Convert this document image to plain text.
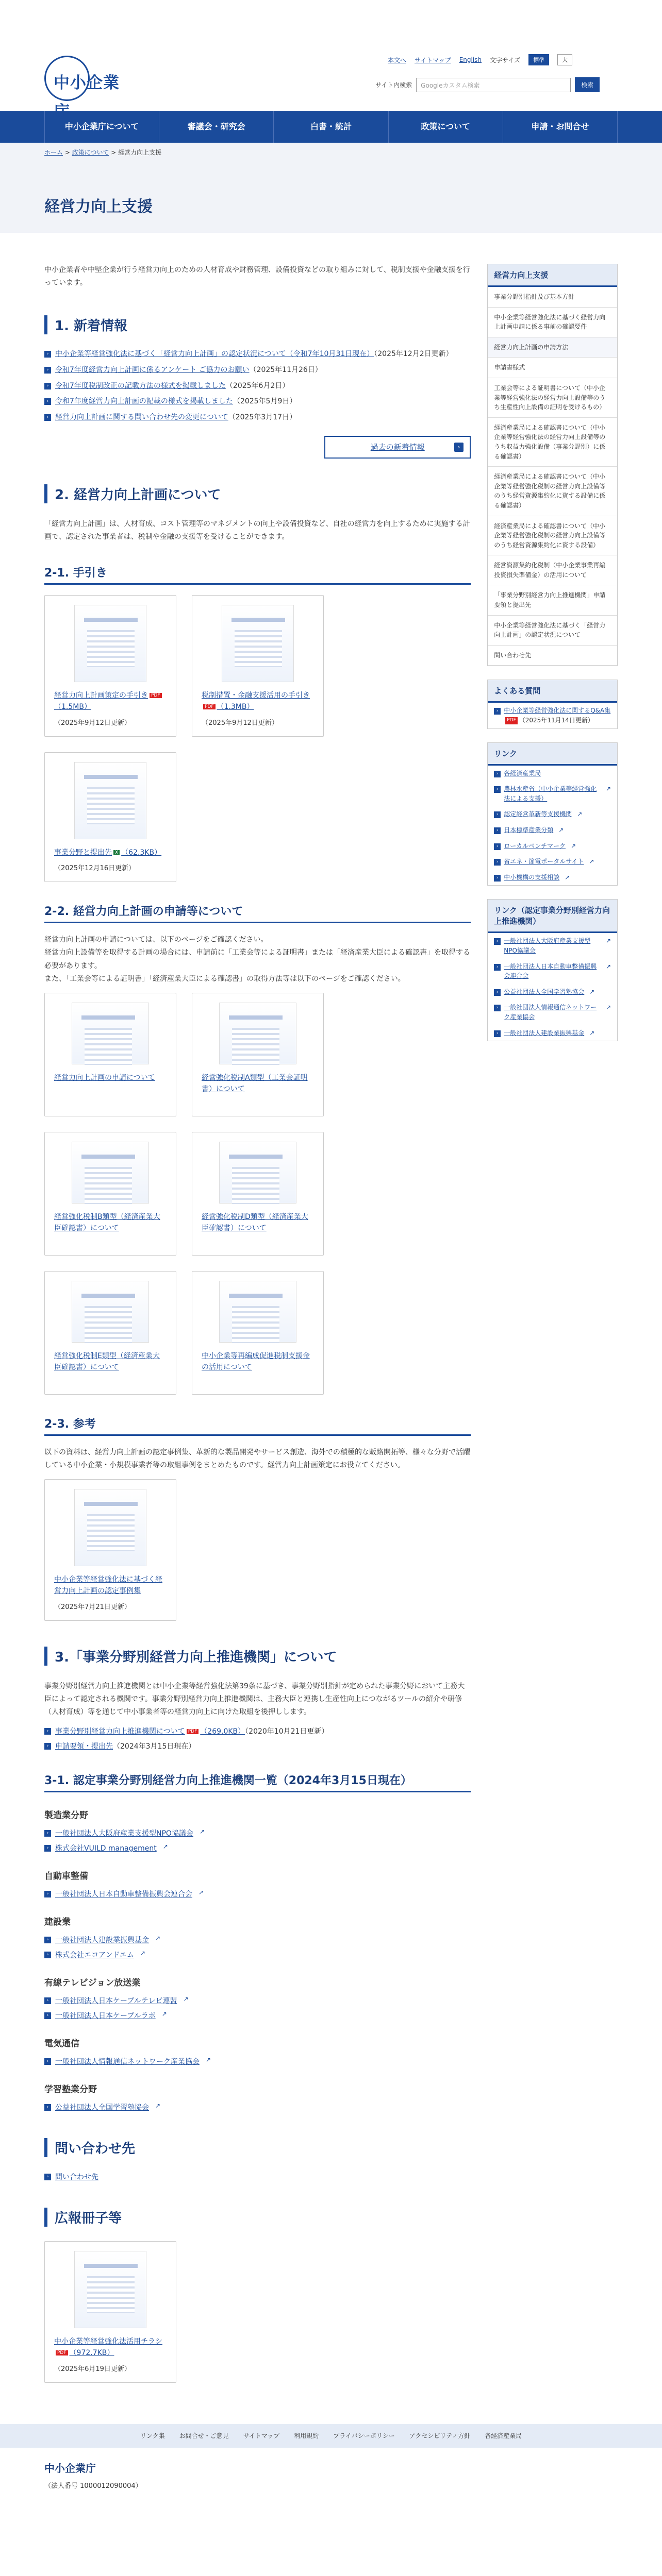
中小企業庁
本文へ サイトマップ English 文字サイズ	標準	大
サイト内検索	Googleカスタム検索	検索
中小企業庁について	審議会・研究会	白書・統計	政策について	申請・お問合せ
ホーム > 政策について > 経営力向上支援
経営力向上支援

中小企業者や中堅企業が行う経営力向上のための人材育成や財務管理、設備投資などの取り組みに対して、税制支援や金融支援を行っています。

1. 新着情報
› 中小企業等経営強化法に基づく「経営力向上計画」の認定状況について（令和7年10月31日現在）（2025年12月2日更新）
› 令和7年度経営力向上計画に係るアンケート ご協力のお願い（2025年11月26日）
› 令和7年度税制改正の記載方法の様式を掲載しました（2025年6月2日）
› 令和7年度経営力向上計画の記載の様式を掲載しました（2025年5月9日）
› 経営力向上計画に関する問い合わせ先の変更について（2025年3月17日）
過去の新着情報	›
2. 経営力向上計画について

「経営力向上計画」は、人材育成、コスト管理等のマネジメントの向上や設備投資など、自社の経営力を向上するために実施する計画で、認定された事業者は、税制や金融の支援等を受けることができます。

2-1. 手引き
経営力向上計画策定の手引き PDF（1.5MB）
（2025年9月12日更新）
税制措置・金融支援活用の手引きPDF （1.3MB）
（2025年9月12日更新）
事業分野と提出先 X （62.3KB）
（2025年12月16日更新）
2-2. 経営力向上計画の申請等について

経営力向上計画の申請については、以下のページをご確認ください。
経営力向上設備等を取得する計画の場合には、申請前に「工業会等による証明書」または「経済産業大臣による確認書」を取得する必要があります。
また、「工業会等による証明書」「経済産業大臣による確認書」の取得方法等は以下のページをご確認ください。

経営力向上計画の申請について	経営強化税制A類型（工業会証明書）について
経営強化税制B類型（経済産業大臣確認書）について
経営強化税制D類型（経済産業大臣確認書）について
経営強化税制E類型（経済産業大臣確認書）について
中小企業等再編成促進税制支援金の活用について
2-3. 参考

以下の資料は、経営力向上計画の認定事例集、革新的な製品開発やサービス創造、海外での積極的な販路開拓等、様々な分野で活躍している中小企業・小規模事業者等の取組事例をまとめたものです。経営力向上計画策定にお役立てください。

中小企業等経営強化法に基づく経営力向上計画の認定事例集
（2025年7月21日更新）
3.「事業分野別経営力向上推進機関」について

事業分野別経営力向上推進機関とは中小企業等経営強化法第39条に基づき、事業分野別指針が定められた事業分野において主務大臣によって認定される機関です。事業分野別経営力向上推進機関は、主務大臣と連携し生産性向上につながるツールの紹介や研修（人材育成）等を通じて中小事業者等の経営力向上に向けた取組を後押しします。

› 事業分野別経営力向上推進機関について PDF （269.0KB）（2020年10月21日更新）
› 申請要領・提出先（2024年3月15日現在）
3-1. 認定事業分野別経営力向上推進機関一覧（2024年3月15日現在）
製造業分野
› 一般社団法人大阪府産業支援型NPO協議会 ↗
› 株式会社VUILD management ↗
自動車整備
› 一般社団法人日本自動車整備振興会連合会 ↗
建設業
› 一般社団法人建設業振興基金 ↗
› 株式会社エコアンドエム ↗
有線テレビジョン放送業
› 一般社団法人日本ケーブルテレビ連盟 ↗
› 一般社団法人日本ケーブルラボ ↗
電気通信
› 一般社団法人情報通信ネットワーク産業協会 ↗
学習塾業分野
› 公益社団法人全国学習塾協会 ↗
問い合わせ先
› 問い合わせ先
広報冊子等
中小企業等経営強化法活用チラシPDF （972.7KB）
（2025年6月19日更新）
経営力向上支援
事業分野別指針及び基本方針
中小企業等経営強化法に基づく経営力向上計画申請に係る事前の確認要件
経営力向上計画の申請方法
申請書様式
工業会等による証明書について（中小企業等経営強化法の経営力向上設備等のうち生産性向上設備の証明を受けるもの）
経済産業局による確認書について（中小企業等経営強化法の経営力向上設備等のうち収益力強化設備（事業分野別）に係る確認書）
経済産業局による確認書について（中小企業等経営強化税制の経営力向上設備等のうち経営資源集約化に資する設備に係る確認書）
経済産業局による確認書について（中小企業等経営強化税制の経営力向上設備等のうち経営資源集約化に資する設備）
経営資源集約化税制（中小企業事業再編投資損失準備金）の活用について
「事業分野別経営力向上推進機関」申請要領と提出先
中小企業等経営強化法に基づく「経営力向上計画」の認定状況について
問い合わせ先
よくある質問
› 中小企業等経営強化法に関するQ&A集PDF （2025年11月14日更新）
リンク
› 各経済産業局
› 農林水産省（中小企業等経営強化法による支援）
↗
› 認定経営革新等支援機関 ↗
› 日本標準産業分類 ↗
› ローカルベンチマーク ↗
› 省エネ・節電ポータルサイト ↗
› 中小機構の支援相談 ↗
リンク（認定事業分野別経営力向上推進機関）
› 一般社団法人大阪府産業支援型NPO協議会
↗
› 一般社団法人日本自動車整備振興会連合会
↗
› 公益社団法人全国学習塾協会 ↗
› 一般社団法人情報通信ネットワーク産業協会
↗
› 一般社団法人建設業振興基金 ↗
リンク集 お問合せ・ご意見 サイトマップ 利用規約 プライバシーポリシー アクセシビリティ方針 各経済産業局
中小企業庁
（法人番号 1000012090004）
